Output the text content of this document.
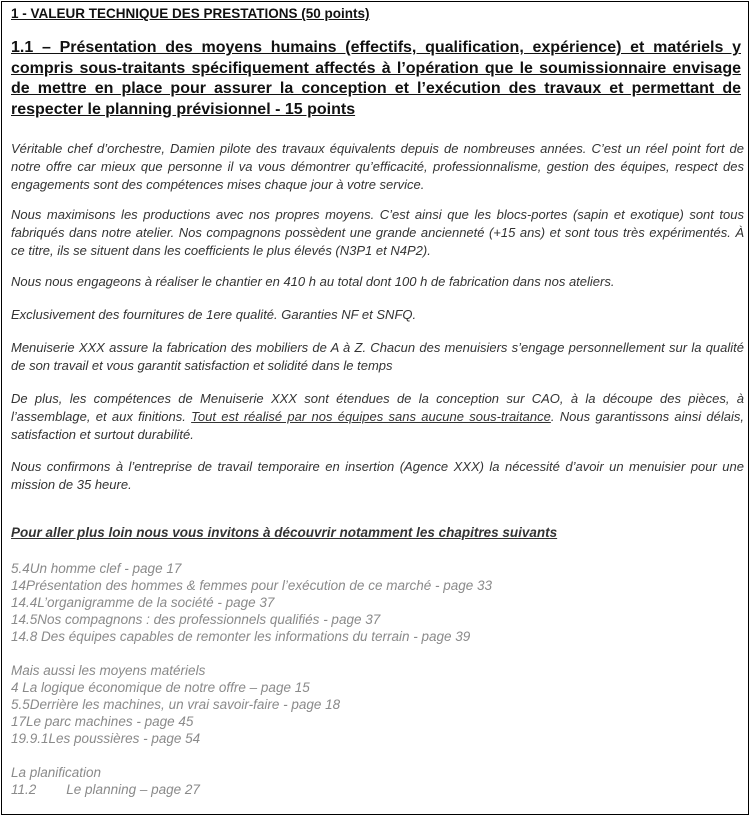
1 - VALEUR TECHNIQUE DES PRESTATIONS (50 points)
1.1 – Présentation des moyens humains (effectifs, qualification, expérience) et matériels y compris sous-traitants spécifiquement affectés à l’opération que le soumissionnaire envisage de mettre en place pour assurer la conception et l’exécution des travaux et permettant de respecter le planning prévisionnel - 15 points
Véritable chef d’orchestre, Damien pilote des travaux équivalents depuis de nombreuses années. C’est un réel point fort de notre offre car mieux que personne il va vous démontrer qu’efficacité, professionnalisme, gestion des équipes, respect des engagements sont des compétences mises chaque jour à votre service.
Nous maximisons les productions avec nos propres moyens. C’est ainsi que les blocs-portes (sapin et exotique) sont tous fabriqués dans notre atelier. Nos compagnons possèdent une grande ancienneté (+15 ans) et sont tous très expérimentés. À ce titre, ils se situent dans les coefficients le plus élevés (N3P1 et N4P2).
Nous nous engageons à réaliser le chantier en 410 h au total dont 100 h de fabrication dans nos ateliers.
Exclusivement des fournitures de 1ere qualité. Garanties NF et SNFQ.
Menuiserie XXX assure la fabrication des mobiliers de A à Z. Chacun des menuisiers s’engage personnellement sur la qualité de son travail et vous garantit satisfaction et solidité dans le temps
De plus, les compétences de Menuiserie XXX sont étendues de la conception sur CAO, à la découpe des pièces, à l’assemblage, et aux finitions. Tout est réalisé par nos équipes sans aucune sous-traitance. Nous garantissons ainsi délais, satisfaction et surtout durabilité.
Nous confirmons à l’entreprise de travail temporaire en insertion (Agence XXX) la nécessité d’avoir un menuisier pour une mission de 35 heure.
Pour aller plus loin nous vous invitons à découvrir notamment les chapitres suivants
5.4Un homme clef - page 17
14Présentation des hommes & femmes pour l’exécution de ce marché - page 33
14.4L’organigramme de la société - page 37
14.5Nos compagnons : des professionnels qualifiés - page 37
14.8 Des équipes capables de remonter les informations du terrain - page 39
Mais aussi les moyens matériels
4 La logique économique de notre offre – page 15
5.5Derrière les machines, un vrai savoir-faire - page 18
17Le parc machines - page 45
19.9.1Les poussières - page 54
La planification
11.2 Le planning – page 27
